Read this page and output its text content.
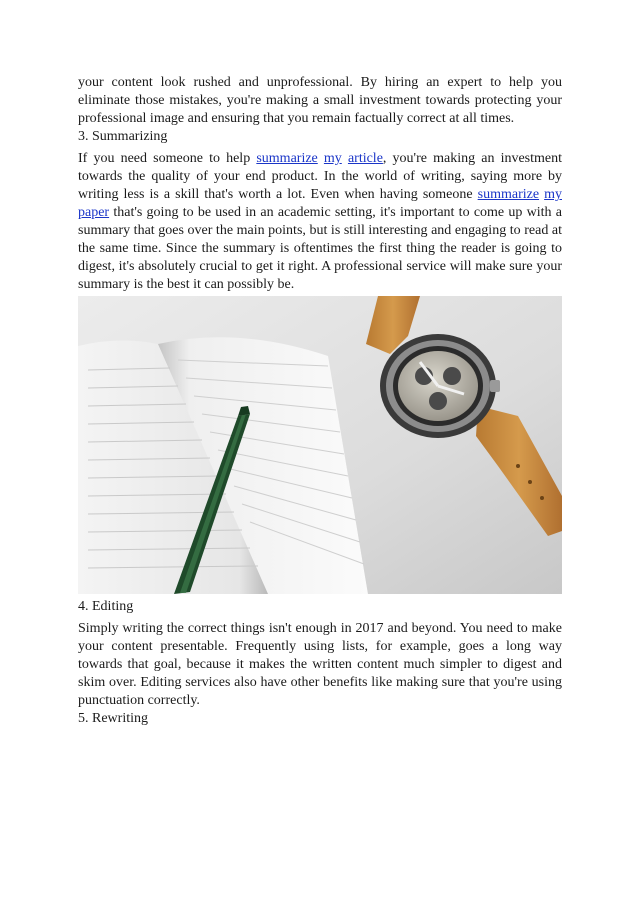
your content look rushed and unprofessional. By hiring an expert to help you eliminate those mistakes, you're making a small investment towards protecting your professional image and ensuring that you remain factually correct at all times.

3. Summarizing

If you need someone to help summarize my article, you're making an investment towards the quality of your end product. In the world of writing, saying more by writing less is a skill that's worth a lot. Even when having someone summarize my paper that's going to be used in an academic setting, it's important to come up with a summary that goes over the main points, but is still interesting and engaging to read at the same time. Since the summary is oftentimes the first thing the reader is going to digest, it's absolutely crucial to get it right. A professional service will make sure your summary is the best it can possibly be.

4. Editing

Simply writing the correct things isn't enough in 2017 and beyond. You need to make your content presentable. Frequently using lists, for example, goes a long way towards that goal, because it makes the written content much simpler to digest and skim over. Editing services also have other benefits like making sure that you're using punctuation correctly.

5. Rewriting
